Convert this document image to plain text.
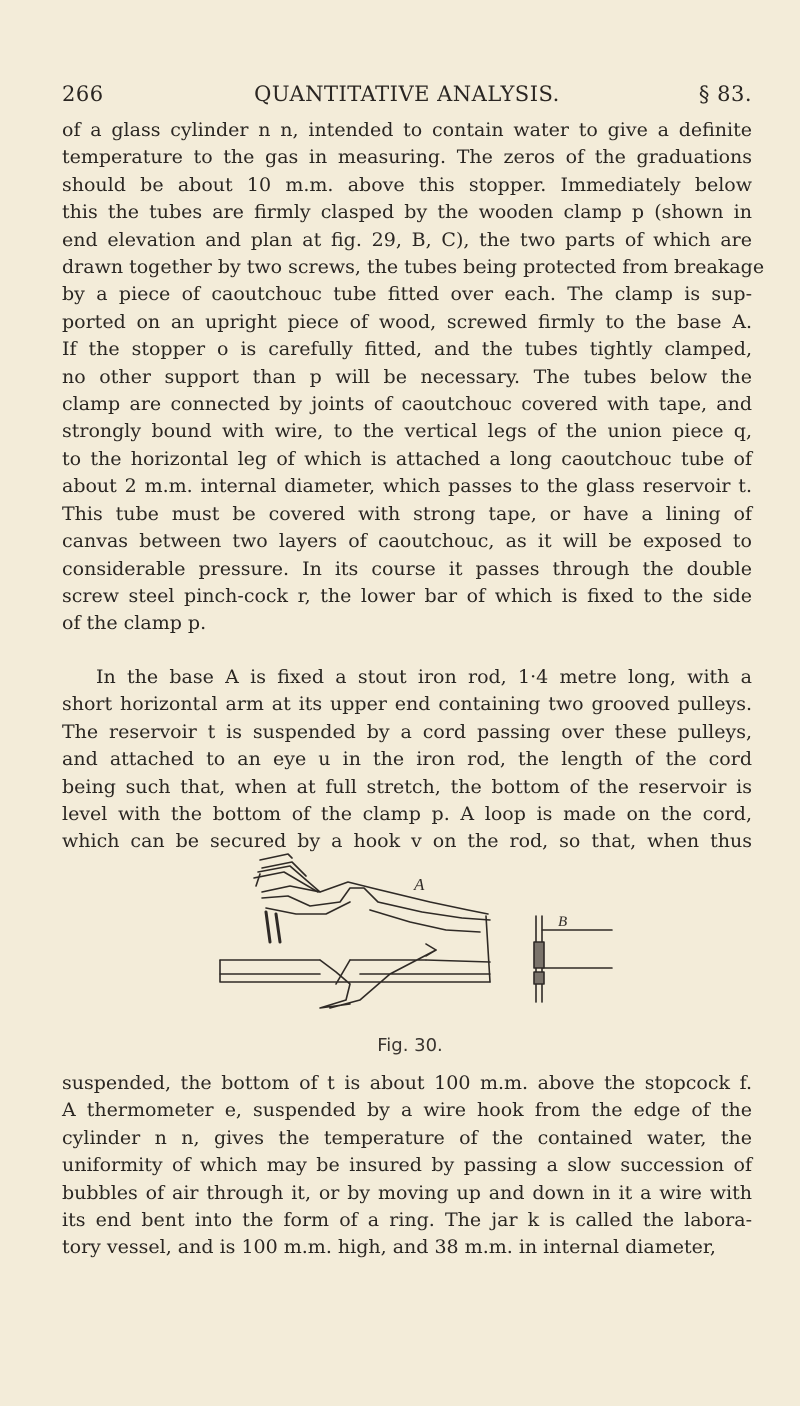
266	QUANTITATIVE ANALYSIS.	§ 83.
of a glass cylinder n n, intended to contain water to give a definite
temperature to the gas in measuring. The zeros of the graduations
should be about 10 m.m. above this stopper. Immediately below
this the tubes are firmly clasped by the wooden clamp p (shown in
end elevation and plan at fig. 29, B, C), the two parts of which are
drawn together by two screws, the tubes being protected from breakage
by a piece of caoutchouc tube fitted over each. The clamp is sup-
ported on an upright piece of wood, screwed firmly to the base A.
If the stopper o is carefully fitted, and the tubes tightly clamped,
no other support than p will be necessary. The tubes below the
clamp are connected by joints of caoutchouc covered with tape, and
strongly bound with wire, to the vertical legs of the union piece q,
to the horizontal leg of which is attached a long caoutchouc tube of
about 2 m.m. internal diameter, which passes to the glass reservoir t.
This tube must be covered with strong tape, or have a lining of
canvas between two layers of caoutchouc, as it will be exposed to
considerable pressure. In its course it passes through the double
screw steel pinch-cock r, the lower bar of which is fixed to the side
of the clamp p.
In the base A is fixed a stout iron rod, 1·4 metre long, with a
short horizontal arm at its upper end containing two grooved pulleys.
The reservoir t is suspended by a cord passing over these pulleys,
and attached to an eye u in the iron rod, the length of the cord
being such that, when at full stretch, the bottom of the reservoir is
level with the bottom of the clamp p. A loop is made on the cord,
which can be secured by a hook v on the rod, so that, when thus
A
B
Fig. 30.
suspended, the bottom of t is about 100 m.m. above the stopcock f.
A thermometer e, suspended by a wire hook from the edge of the
cylinder n n, gives the temperature of the contained water, the
uniformity of which may be insured by passing a slow succession of
bubbles of air through it, or by moving up and down in it a wire with
its end bent into the form of a ring. The jar k is called the labora-
tory vessel, and is 100 m.m. high, and 38 m.m. in internal diameter,
